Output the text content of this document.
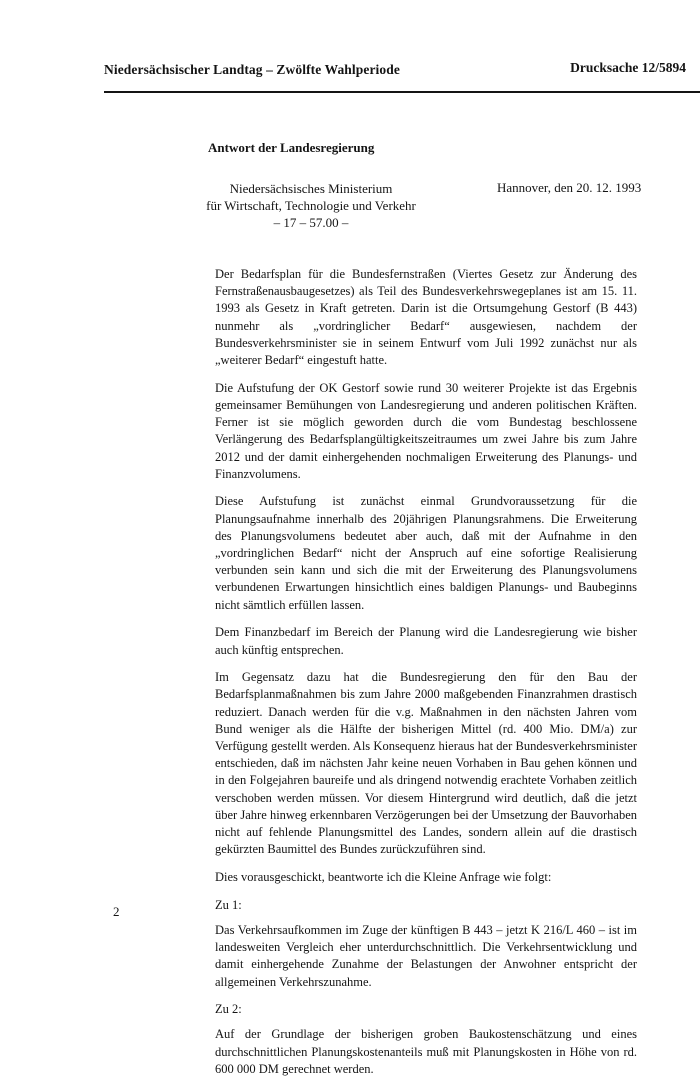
Niedersächsischer Landtag – Zwölfte Wahlperiode	Drucksache 12/5894
Antwort der Landesregierung
Niedersächsisches Ministerium
für Wirtschaft, Technologie und Verkehr
– 17 – 57.00 –
Hannover, den 20. 12. 1993

Der Bedarfsplan für die Bundesfernstraßen (Viertes Gesetz zur Änderung des Fernstraßenausbaugesetzes) als Teil des Bundesverkehrswegeplanes ist am 15. 11. 1993 als Gesetz in Kraft getreten. Darin ist die Ortsumgehung Gestorf (B 443) nunmehr als „vordringlicher Bedarf“ ausgewiesen, nachdem der Bundesverkehrsminister sie in seinem Entwurf vom Juli 1992 zunächst nur als „weiterer Bedarf“ eingestuft hatte.

Die Aufstufung der OK Gestorf sowie rund 30 weiterer Projekte ist das Ergebnis gemeinsamer Bemühungen von Landesregierung und anderen politischen Kräften. Ferner ist sie möglich geworden durch die vom Bundestag beschlossene Verlängerung des Bedarfsplangültigkeitszeitraumes um zwei Jahre bis zum Jahre 2012 und der damit einhergehenden nochmaligen Erweiterung des Planungs- und Finanzvolumens.

Diese Aufstufung ist zunächst einmal Grundvoraussetzung für die Planungsaufnahme innerhalb des 20jährigen Planungsrahmens. Die Erweiterung des Planungsvolumens bedeutet aber auch, daß mit der Aufnahme in den „vordringlichen Bedarf“ nicht der Anspruch auf eine sofortige Realisierung verbunden sein kann und sich die mit der Erweiterung des Planungsvolumens verbundenen Erwartungen hinsichtlich eines baldigen Planungs- und Baubeginns nicht sämtlich erfüllen lassen.

Dem Finanzbedarf im Bereich der Planung wird die Landesregierung wie bisher auch künftig entsprechen.

Im Gegensatz dazu hat die Bundesregierung den für den Bau der Bedarfsplanmaßnahmen bis zum Jahre 2000 maßgebenden Finanzrahmen drastisch reduziert. Danach werden für die v.g. Maßnahmen in den nächsten Jahren vom Bund weniger als die Hälfte der bisherigen Mittel (rd. 400 Mio. DM/a) zur Verfügung gestellt werden. Als Konsequenz hieraus hat der Bundesverkehrsminister entschieden, daß im nächsten Jahr keine neuen Vorhaben in Bau gehen können und in den Folgejahren baureife und als dringend notwendig erachtete Vorhaben zeitlich verschoben werden müssen. Vor diesem Hintergrund wird deutlich, daß die jetzt über Jahre hinweg erkennbaren Verzögerungen bei der Umsetzung der Bauvorhaben nicht auf fehlende Planungsmittel des Landes, sondern allein auf die drastisch gekürzten Baumittel des Bundes zurückzuführen sind.

Dies vorausgeschickt, beantworte ich die Kleine Anfrage wie folgt:

Zu 1:

Das Verkehrsaufkommen im Zuge der künftigen B 443 – jetzt K 216/L 460 – ist im landesweiten Vergleich eher unterdurchschnittlich. Die Verkehrsentwicklung und damit einhergehende Zunahme der Belastungen der Anwohner entspricht der allgemeinen Verkehrszunahme.

Zu 2:

Auf der Grundlage der bisherigen groben Baukostenschätzung und eines durchschnittlichen Planungskostenanteils muß mit Planungskosten in Höhe von rd. 600 000 DM gerechnet werden.

2
